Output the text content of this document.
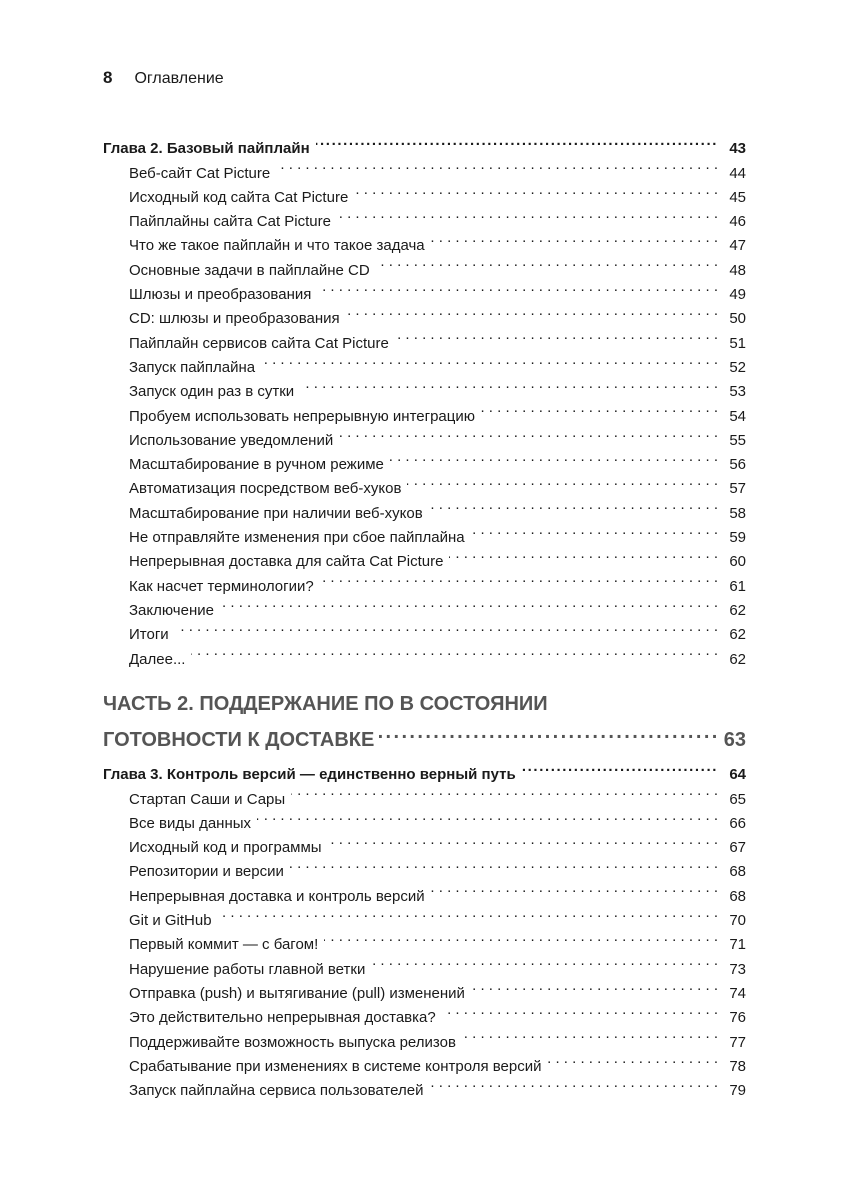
8 Оглавление
Глава 2. Базовый пайплайн .....	43
Веб-сайт Cat Picture . . .	44
Исходный код сайта Cat Picture . . .	45
Пайплайны сайта Cat Picture . . .	46
Что же такое пайплайн и что такое задача . . .	47
Основные задачи в пайплайне CD . . .	48
Шлюзы и преобразования . . .	49
CD: шлюзы и преобразования . . .	50
Пайплайн сервисов сайта Cat Picture . . .	51
Запуск пайплайна . . .	52
Запуск один раз в сутки . . .	53
Пробуем использовать непрерывную интеграцию . . .	54
Использование уведомлений . . .	55
Масштабирование в ручном режиме . . .	56
Автоматизация посредством веб-хуков . . .	57
Масштабирование при наличии веб-хуков . . .	58
Не отправляйте изменения при сбое пайплайна . . .	59
Непрерывная доставка для сайта Cat Picture . . .	60
Как насчет терминологии? . . .	61
Заключение . . .	62
Итоги . . .	62
Далее... . . .	62
ЧАСТЬ 2. ПОДДЕРЖАНИЕ ПО В СОСТОЯНИИ
ГОТОВНОСТИ К ДОСТАВКЕ .....	63
Глава 3. Контроль версий — единственно верный путь .....	64
Стартап Саши и Сары . . .	65
Все виды данных . . .	66
Исходный код и программы . . .	67
Репозитории и версии . . .	68
Непрерывная доставка и контроль версий . . .	68
Git и GitHub . . .	70
Первый коммит — с багом! . . .	71
Нарушение работы главной ветки . . .	73
Отправка (push) и вытягивание (pull) изменений . . .	74
Это действительно непрерывная доставка? . . .	76
Поддерживайте возможность выпуска релизов . . .	77
Срабатывание при изменениях в системе контроля версий . . .	78
Запуск пайплайна сервиса пользователей . . .	79
